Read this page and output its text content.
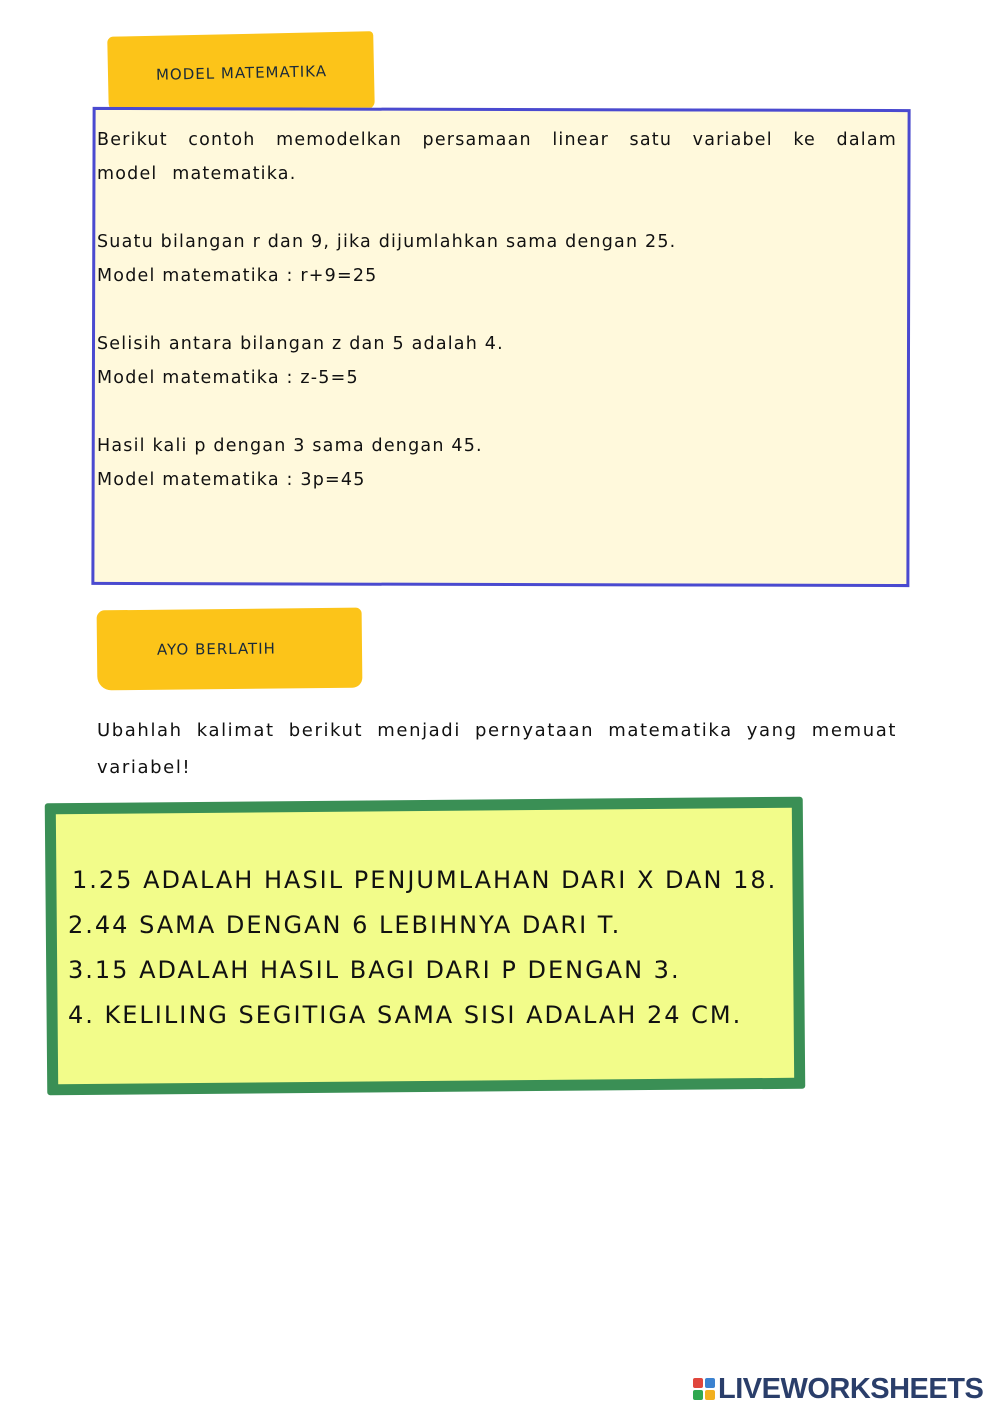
MODEL MATEMATIKA

Berikut contoh memodelkan persamaan linear satu variabel ke dalam model matematika.

Suatu bilangan r dan 9, jika dijumlahkan sama dengan 25.

Model matematika : r+9=25

Selisih antara bilangan z dan 5 adalah 4.

Model matematika : z-5=5

Hasil kali p dengan 3 sama dengan 45.

Model matematika : 3p=45

AYO BERLATIH

Ubahlah kalimat berikut menjadi pernyataan matematika yang memuat variabel!

1.25 ADALAH HASIL PENJUMLAHAN DARI X DAN 18.
2.44 SAMA DENGAN 6 LEBIHNYA DARI T.
3.15 ADALAH HASIL BAGI DARI P DENGAN 3.
4. KELILING SEGITIGA SAMA SISI ADALAH 24 CM.
LIVEWORKSHEETS
